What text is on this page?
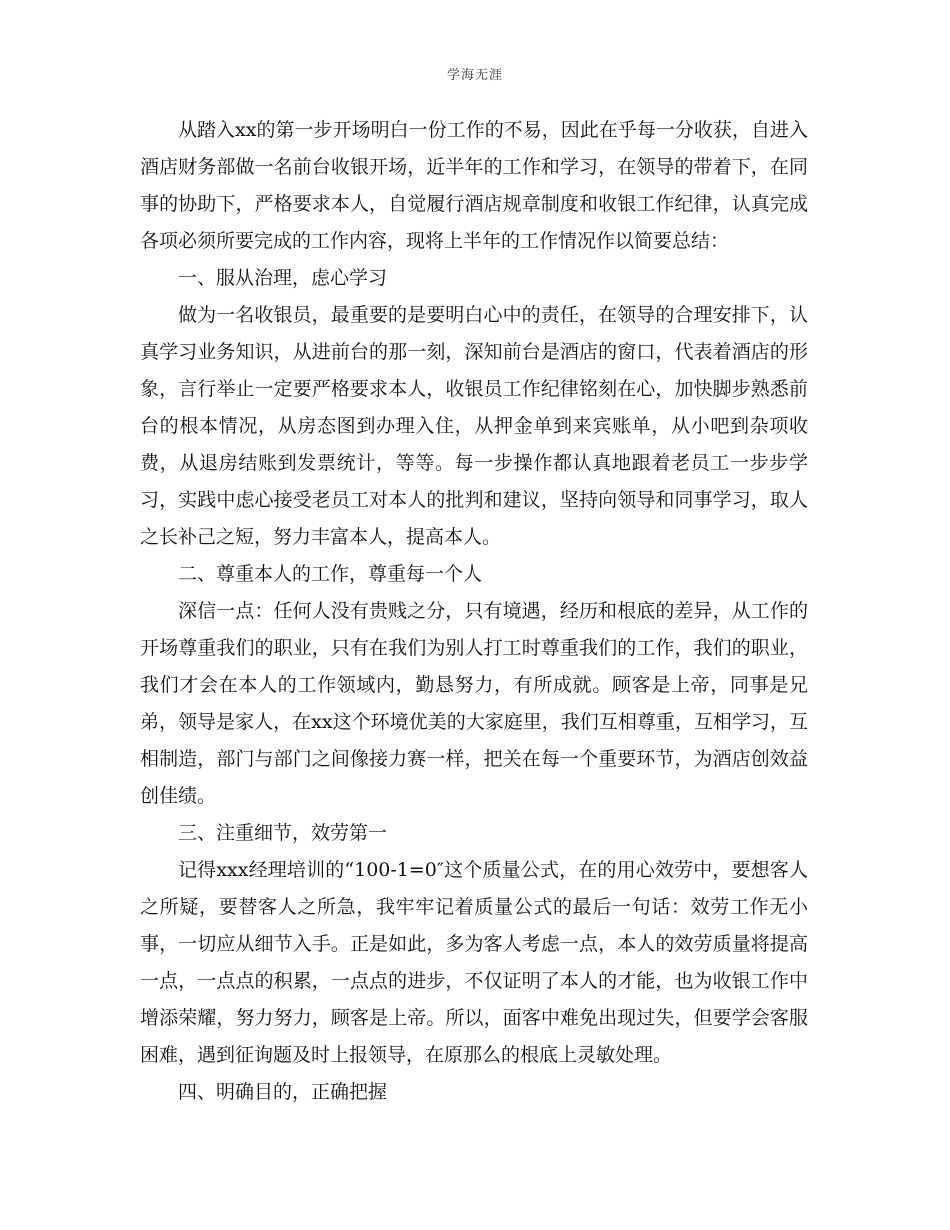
学海无涯

从踏入xx的第一步开场明白一份工作的不易，因此在乎每一分收获，自进入酒店财务部做一名前台收银开场，近半年的工作和学习，在领导的带着下，在同事的协助下，严格要求本人，自觉履行酒店规章制度和收银工作纪律，认真完成各项必须所要完成的工作内容，现将上半年的工作情况作以简要总结：

一、服从治理，虑心学习

做为一名收银员，最重要的是要明白心中的责任，在领导的合理安排下，认真学习业务知识，从进前台的那一刻，深知前台是酒店的窗口，代表着酒店的形象，言行举止一定要严格要求本人，收银员工作纪律铭刻在心，加快脚步熟悉前台的根本情况，从房态图到办理入住，从押金单到来宾账单，从小吧到杂项收费，从退房结账到发票统计，等等。每一步操作都认真地跟着老员工一步步学习，实践中虑心接受老员工对本人的批判和建议，坚持向领导和同事学习，取人之长补己之短，努力丰富本人，提高本人。

二、尊重本人的工作，尊重每一个人

深信一点：任何人没有贵贱之分，只有境遇，经历和根底的差异，从工作的开场尊重我们的职业，只有在我们为别人打工时尊重我们的工作，我们的职业，我们才会在本人的工作领域内，勤恳努力，有所成就。顾客是上帝，同事是兄弟，领导是家人，在xx这个环境优美的大家庭里，我们互相尊重，互相学习，互相制造，部门与部门之间像接力赛一样，把关在每一个重要环节，为酒店创效益创佳绩。

三、注重细节，效劳第一

记得xxx经理培训的“100-1=0″这个质量公式，在的用心效劳中，要想客人之所疑，要替客人之所急，我牢牢记着质量公式的最后一句话：效劳工作无小事，一切应从细节入手。正是如此，多为客人考虑一点，本人的效劳质量将提高一点，一点点的积累，一点点的进步，不仅证明了本人的才能，也为收银工作中增添荣耀，努力努力，顾客是上帝。所以，面客中难免出现过失，但要学会客服困难，遇到征询题及时上报领导，在原那么的根底上灵敏处理。

四、明确目的，正确把握
